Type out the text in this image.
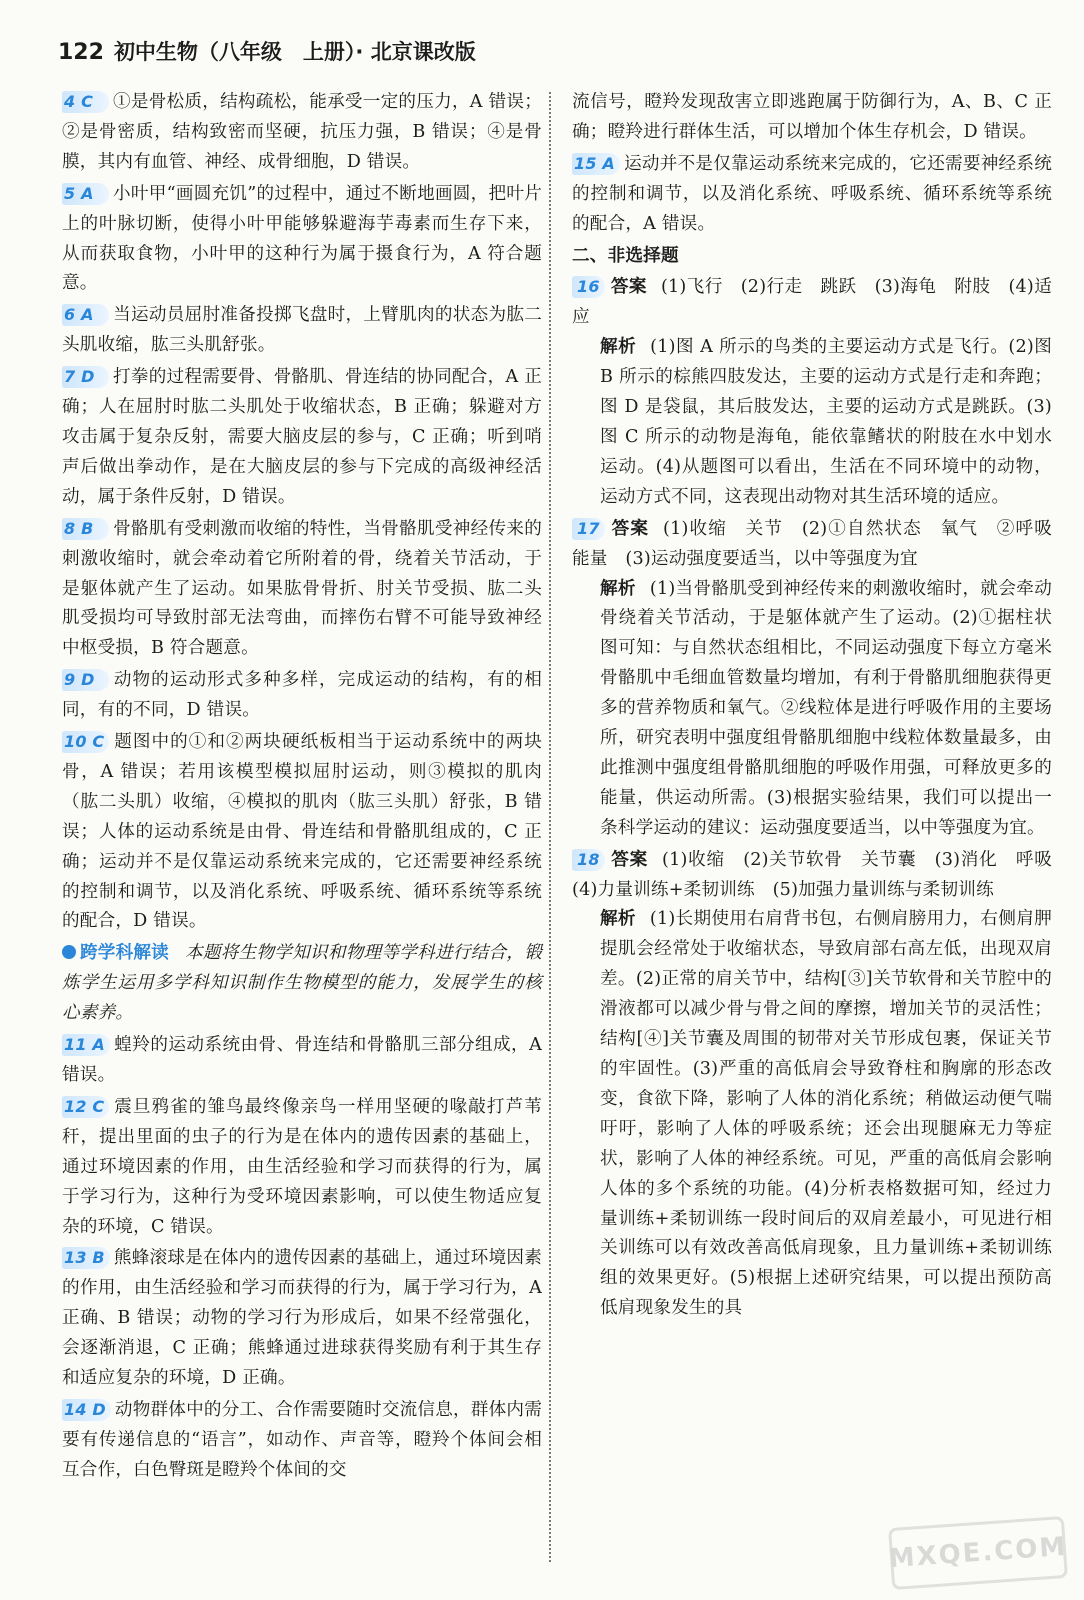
122 初中生物（八年级　上册）· 北京课改版
4 C ①是骨松质，结构疏松，能承受一定的压力，A 错误；②是骨密质，结构致密而坚硬，抗压力强，B 错误；④是骨膜，其内有血管、神经、成骨细胞，D 错误。
5 A 小叶甲“画圆充饥”的过程中，通过不断地画圆，把叶片上的叶脉切断，使得小叶甲能够躲避海芋毒素而生存下来，从而获取食物，小叶甲的这种行为属于摄食行为，A 符合题意。
6 A 当运动员屈肘准备投掷飞盘时，上臂肌肉的状态为肱二头肌收缩，肱三头肌舒张。
7 D 打拳的过程需要骨、骨骼肌、骨连结的协同配合，A 正确；人在屈肘时肱二头肌处于收缩状态，B 正确；躲避对方攻击属于复杂反射，需要大脑皮层的参与，C 正确；听到哨声后做出拳动作，是在大脑皮层的参与下完成的高级神经活动，属于条件反射，D 错误。
8 B 骨骼肌有受刺激而收缩的特性，当骨骼肌受神经传来的刺激收缩时，就会牵动着它所附着的骨，绕着关节活动，于是躯体就产生了运动。如果肱骨骨折、肘关节受损、肱二头肌受损均可导致肘部无法弯曲，而摔伤右臂不可能导致神经中枢受损，B 符合题意。
9 D 动物的运动形式多种多样，完成运动的结构，有的相同，有的不同，D 错误。
10 C 题图中的①和②两块硬纸板相当于运动系统中的两块骨，A 错误；若用该模型模拟屈肘运动，则③模拟的肌肉（肱二头肌）收缩，④模拟的肌肉（肱三头肌）舒张，B 错误；人体的运动系统是由骨、骨连结和骨骼肌组成的，C 正确；运动并不是仅靠运动系统来完成的，它还需要神经系统的控制和调节，以及消化系统、呼吸系统、循环系统等系统的配合，D 错误。
跨学科解读 本题将生物学知识和物理等学科进行结合，锻炼学生运用多学科知识制作生物模型的能力，发展学生的核心素养。
11 A 蝗羚的运动系统由骨、骨连结和骨骼肌三部分组成，A 错误。
12 C 震旦鸦雀的雏鸟最终像亲鸟一样用坚硬的喙敲打芦苇秆，提出里面的虫子的行为是在体内的遗传因素的基础上，通过环境因素的作用，由生活经验和学习而获得的行为，属于学习行为，这种行为受环境因素影响，可以使生物适应复杂的环境，C 错误。
13 B 熊蜂滚球是在体内的遗传因素的基础上，通过环境因素的作用，由生活经验和学习而获得的行为，属于学习行为，A 正确、B 错误；动物的学习行为形成后，如果不经常强化，会逐渐消退，C 正确；熊蜂通过进球获得奖励有利于其生存和适应复杂的环境，D 正确。
14 D 动物群体中的分工、合作需要随时交流信息，群体内需要有传递信息的“语言”，如动作、声音等，瞪羚个体间会相互合作，白色臀斑是瞪羚个体间的交
流信号，瞪羚发现敌害立即逃跑属于防御行为，A、B、C 正确；瞪羚进行群体生活，可以增加个体生存机会，D 错误。
15 A 运动并不是仅靠运动系统来完成的，它还需要神经系统的控制和调节，以及消化系统、呼吸系统、循环系统等系统的配合，A 错误。
二、非选择题
16 答案 (1)飞行　(2)行走　跳跃　(3)海龟　附肢　(4)适应
解析 (1)图 A 所示的鸟类的主要运动方式是飞行。(2)图 B 所示的棕熊四肢发达，主要的运动方式是行走和奔跑；图 D 是袋鼠，其后肢发达，主要的运动方式是跳跃。(3)图 C 所示的动物是海龟，能依靠鳍状的附肢在水中划水运动。(4)从题图可以看出，生活在不同环境中的动物，运动方式不同，这表现出动物对其生活环境的适应。
17 答案 (1)收缩　关节　(2)①自然状态　氧气　②呼吸　能量　(3)运动强度要适当，以中等强度为宜
解析 (1)当骨骼肌受到神经传来的刺激收缩时，就会牵动骨绕着关节活动，于是躯体就产生了运动。(2)①据柱状图可知：与自然状态组相比，不同运动强度下每立方毫米骨骼肌中毛细血管数量均增加，有利于骨骼肌细胞获得更多的营养物质和氧气。②线粒体是进行呼吸作用的主要场所，研究表明中强度组骨骼肌细胞中线粒体数量最多，由此推测中强度组骨骼肌细胞的呼吸作用强，可释放更多的能量，供运动所需。(3)根据实验结果，我们可以提出一条科学运动的建议：运动强度要适当，以中等强度为宜。
18 答案 (1)收缩　(2)关节软骨　关节囊　(3)消化　呼吸　(4)力量训练+柔韧训练　(5)加强力量训练与柔韧训练
解析 (1)长期使用右肩背书包，右侧肩膀用力，右侧肩胛提肌会经常处于收缩状态，导致肩部右高左低，出现双肩差。(2)正常的肩关节中，结构[③]关节软骨和关节腔中的滑液都可以减少骨与骨之间的摩擦，增加关节的灵活性；结构[④]关节囊及周围的韧带对关节形成包裹，保证关节的牢固性。(3)严重的高低肩会导致脊柱和胸廓的形态改变，食欲下降，影响了人体的消化系统；稍做运动便气喘吁吁，影响了人体的呼吸系统；还会出现腿麻无力等症状，影响了人体的神经系统。可见，严重的高低肩会影响人体的多个系统的功能。(4)分析表格数据可知，经过力量训练+柔韧训练一段时间后的双肩差最小，可见进行相关训练可以有效改善高低肩现象，且力量训练+柔韧训练组的效果更好。(5)根据上述研究结果，可以提出预防高低肩现象发生的具
MXQE.COM
